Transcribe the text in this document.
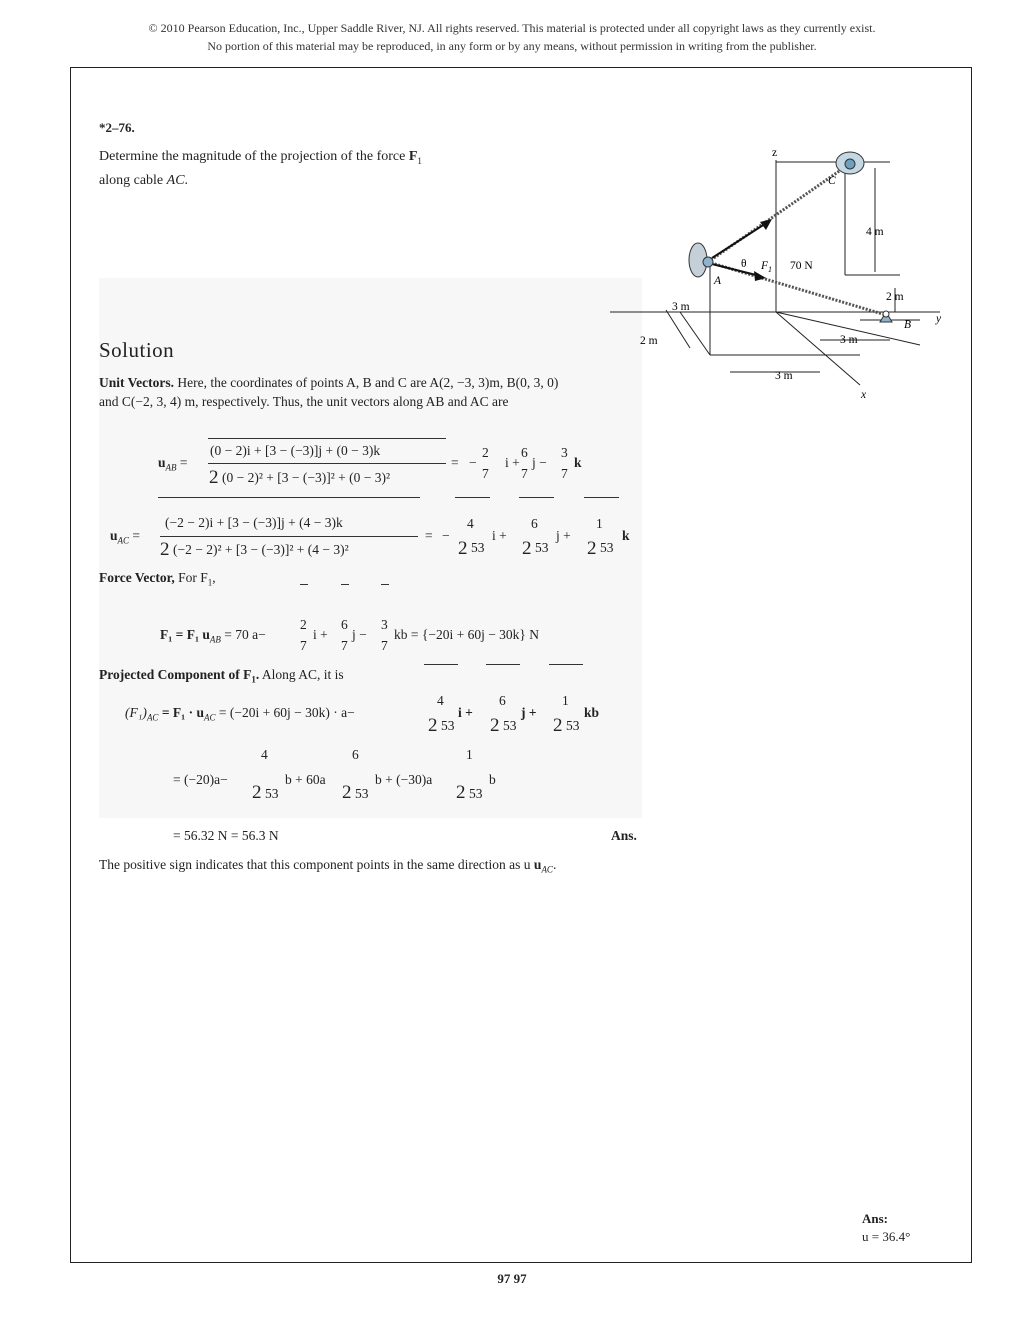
© 2010 Pearson Education, Inc., Upper Saddle River, NJ. All rights reserved. This material is protected under all copyright laws as they currently exist.
No portion of this material may be reproduced, in any form or by any means, without permission in writing from the publisher.
*2–76.
Determine the magnitude of the projection of the force $F_1$
along cable AC.
z
C
4 m
θ $F_1$ 70 N
A
3 m
2 m
B y
2 m	3 m
3 m
x
Solution
Unit Vectors. Here, the coordinates of points A, B and C are A(2, −3, 3)m, B(0, 3, 0)
and C(−2, 3, 4) m, respectively. Thus, the unit vectors along AB and AC are
$u_{AB}$ =
(0 − 2)i + [3 − (−3)]j + (0 − 3)k
2 (0 − 2)² + [3 − (−3)]² + (0 − 3)²
= −
2
7
i +
6
7
j −
3
7
k
$u_{AC}$ =
(−2 − 2)i + [3 − (−3)]j + (4 − 3)k
2 (−2 − 2)² + [3 − (−3)]² + (4 − 3)²
= −
4
2 53
i +
6
2 53
j +
1
2 53
k
Force Vector, For $F_1$,
F₁ = F₁ $u_{AB} = 70$ a−
2
7
i +
6
7
j −
3
7
kb = {−20i + 60j − 30k} N
Projected Component of $F_1$. Along AC, it is
$(F_1)_{AC} = F_1 \cdot u_{AC} = (-20i + 60j - 30k) \cdot a-$
4
2 53
i +
6
2 53
j +
1
2 53
kb
4	6	1
= (−20)a−
2 53
b + 60a
2 53
b + (−30)a
2 53
b
= 56.32 N = 56.3 N	Ans.
The positive sign indicates that this component points in the same direction as u $u_{AC}$.
Ans:
u = 36.4°
97 97
